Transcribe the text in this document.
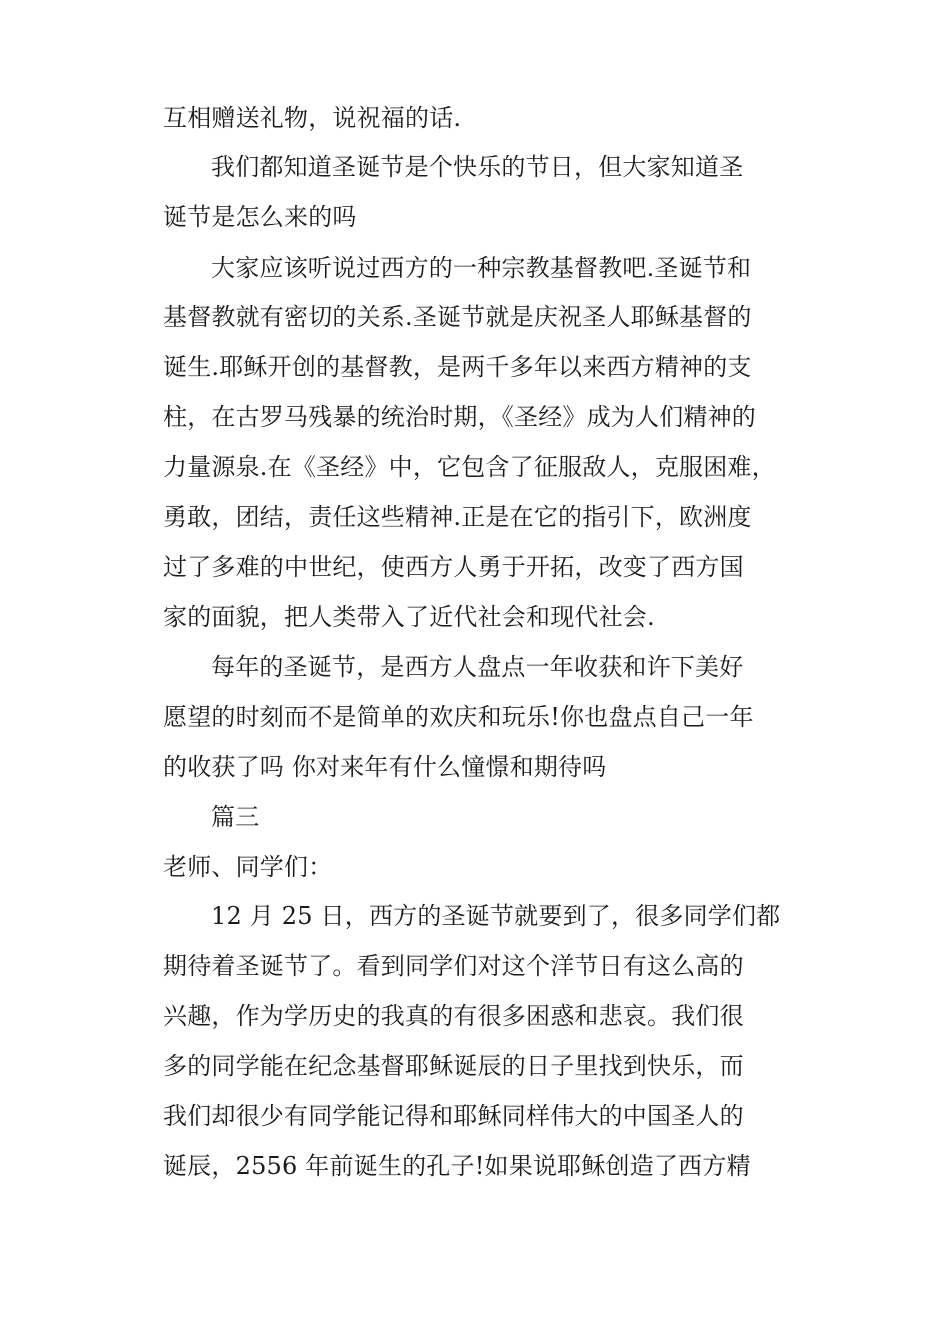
互相赠送礼物，说祝福的话.
我们都知道圣诞节是个快乐的节日，但大家知道圣
诞节是怎么来的吗
大家应该听说过西方的一种宗教基督教吧.圣诞节和
基督教就有密切的关系.圣诞节就是庆祝圣人耶稣基督的
诞生.耶稣开创的基督教，是两千多年以来西方精神的支
柱，在古罗马残暴的统治时期，《圣经》成为人们精神的
力量源泉.在《圣经》中，它包含了征服敌人，克服困难，
勇敢，团结，责任这些精神.正是在它的指引下，欧洲度
过了多难的中世纪，使西方人勇于开拓，改变了西方国
家的面貌，把人类带入了近代社会和现代社会.
每年的圣诞节，是西方人盘点一年收获和许下美好
愿望的时刻而不是简单的欢庆和玩乐!你也盘点自己一年
的收获了吗 你对来年有什么憧憬和期待吗
篇三
老师、同学们：
12 月 25 日，西方的圣诞节就要到了，很多同学们都
期待着圣诞节了。看到同学们对这个洋节日有这么高的
兴趣，作为学历史的我真的有很多困惑和悲哀。我们很
多的同学能在纪念基督耶稣诞辰的日子里找到快乐，而
我们却很少有同学能记得和耶稣同样伟大的中国圣人的
诞辰，2556 年前诞生的孔子!如果说耶稣创造了西方精
